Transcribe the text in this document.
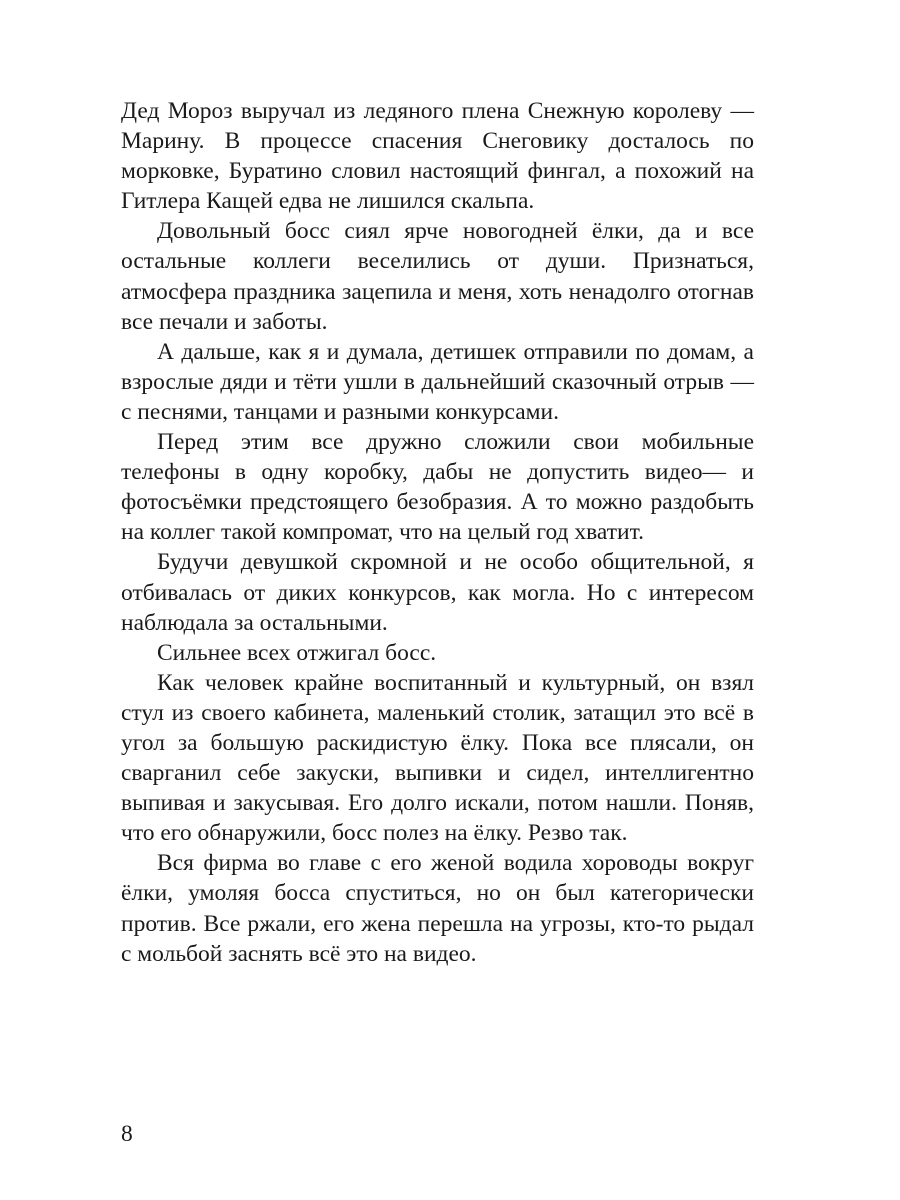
Дед Мороз выручал из ледяного плена Снежную королеву — Марину. В процессе спасения Снеговику досталось по морковке, Буратино словил настоящий фингал, а похожий на Гитлера Кащей едва не лишился скальпа.

Довольный босс сиял ярче новогодней ёлки, да и все остальные коллеги веселились от души. Признаться, атмосфера праздника зацепила и меня, хоть ненадолго отогнав все печали и заботы.

А дальше, как я и думала, детишек отправили по домам, а взрослые дяди и тёти ушли в дальнейший сказочный отрыв — с песнями, танцами и разными конкурсами.

Перед этим все дружно сложили свои мобильные телефоны в одну коробку, дабы не допустить видео— и фотосъёмки предстоящего безобразия. А то можно раздобыть на коллег такой компромат, что на целый год хватит.

Будучи девушкой скромной и не особо общительной, я отбивалась от диких конкурсов, как могла. Но с интересом наблюдала за остальными.

Сильнее всех отжигал босс.

Как человек крайне воспитанный и культурный, он взял стул из своего кабинета, маленький столик, затащил это всё в угол за большую раскидистую ёлку. Пока все плясали, он сварганил себе закуски, выпивки и сидел, интеллигентно выпивая и закусывая. Его долго искали, потом нашли. Поняв, что его обнаружили, босс полез на ёлку. Резво так.

Вся фирма во главе с его женой водила хороводы вокруг ёлки, умоляя босса спуститься, но он был категорически против. Все ржали, его жена перешла на угрозы, кто-то рыдал с мольбой заснять всё это на видео.

8
